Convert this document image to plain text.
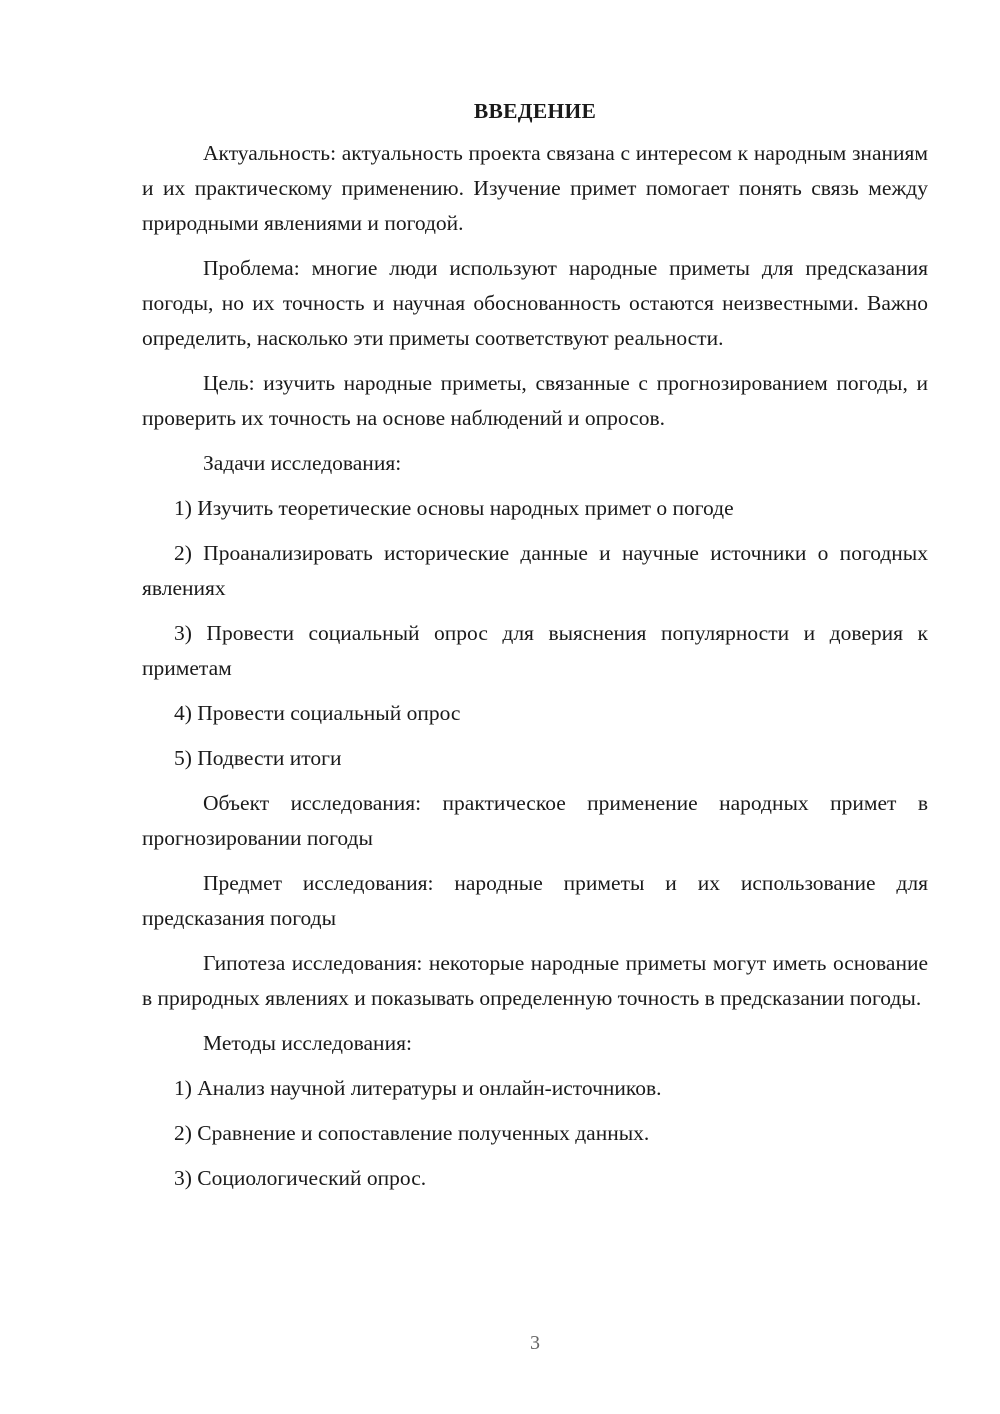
ВВЕДЕНИЕ

Актуальность: актуальность проекта связана с интересом к народным знаниям и их практическому применению. Изучение примет помогает понять связь между природными явлениями и погодой.

Проблема: многие люди используют народные приметы для предсказания погоды, но их точность и научная обоснованность остаются неизвестными. Важно определить, насколько эти приметы соответствуют реальности.

Цель: изучить народные приметы, связанные с прогнозированием погоды, и проверить их точность на основе наблюдений и опросов.

Задачи исследования:

1) Изучить теоретические основы народных примет о погоде

2) Проанализировать исторические данные и научные источники о погодных явлениях

3) Провести социальный опрос для выяснения популярности и доверия к приметам

4) Провести социальный опрос

5) Подвести итоги

Объект исследования: практическое применение народных примет в прогнозировании погоды

Предмет исследования: народные приметы и их использование для предсказания погоды

Гипотеза исследования: некоторые народные приметы могут иметь основание в природных явлениях и показывать определенную точность в предсказании погоды.

Методы исследования:

1) Анализ научной литературы и онлайн-источников.

2) Сравнение и сопоставление полученных данных.

3) Социологический опрос.

3
